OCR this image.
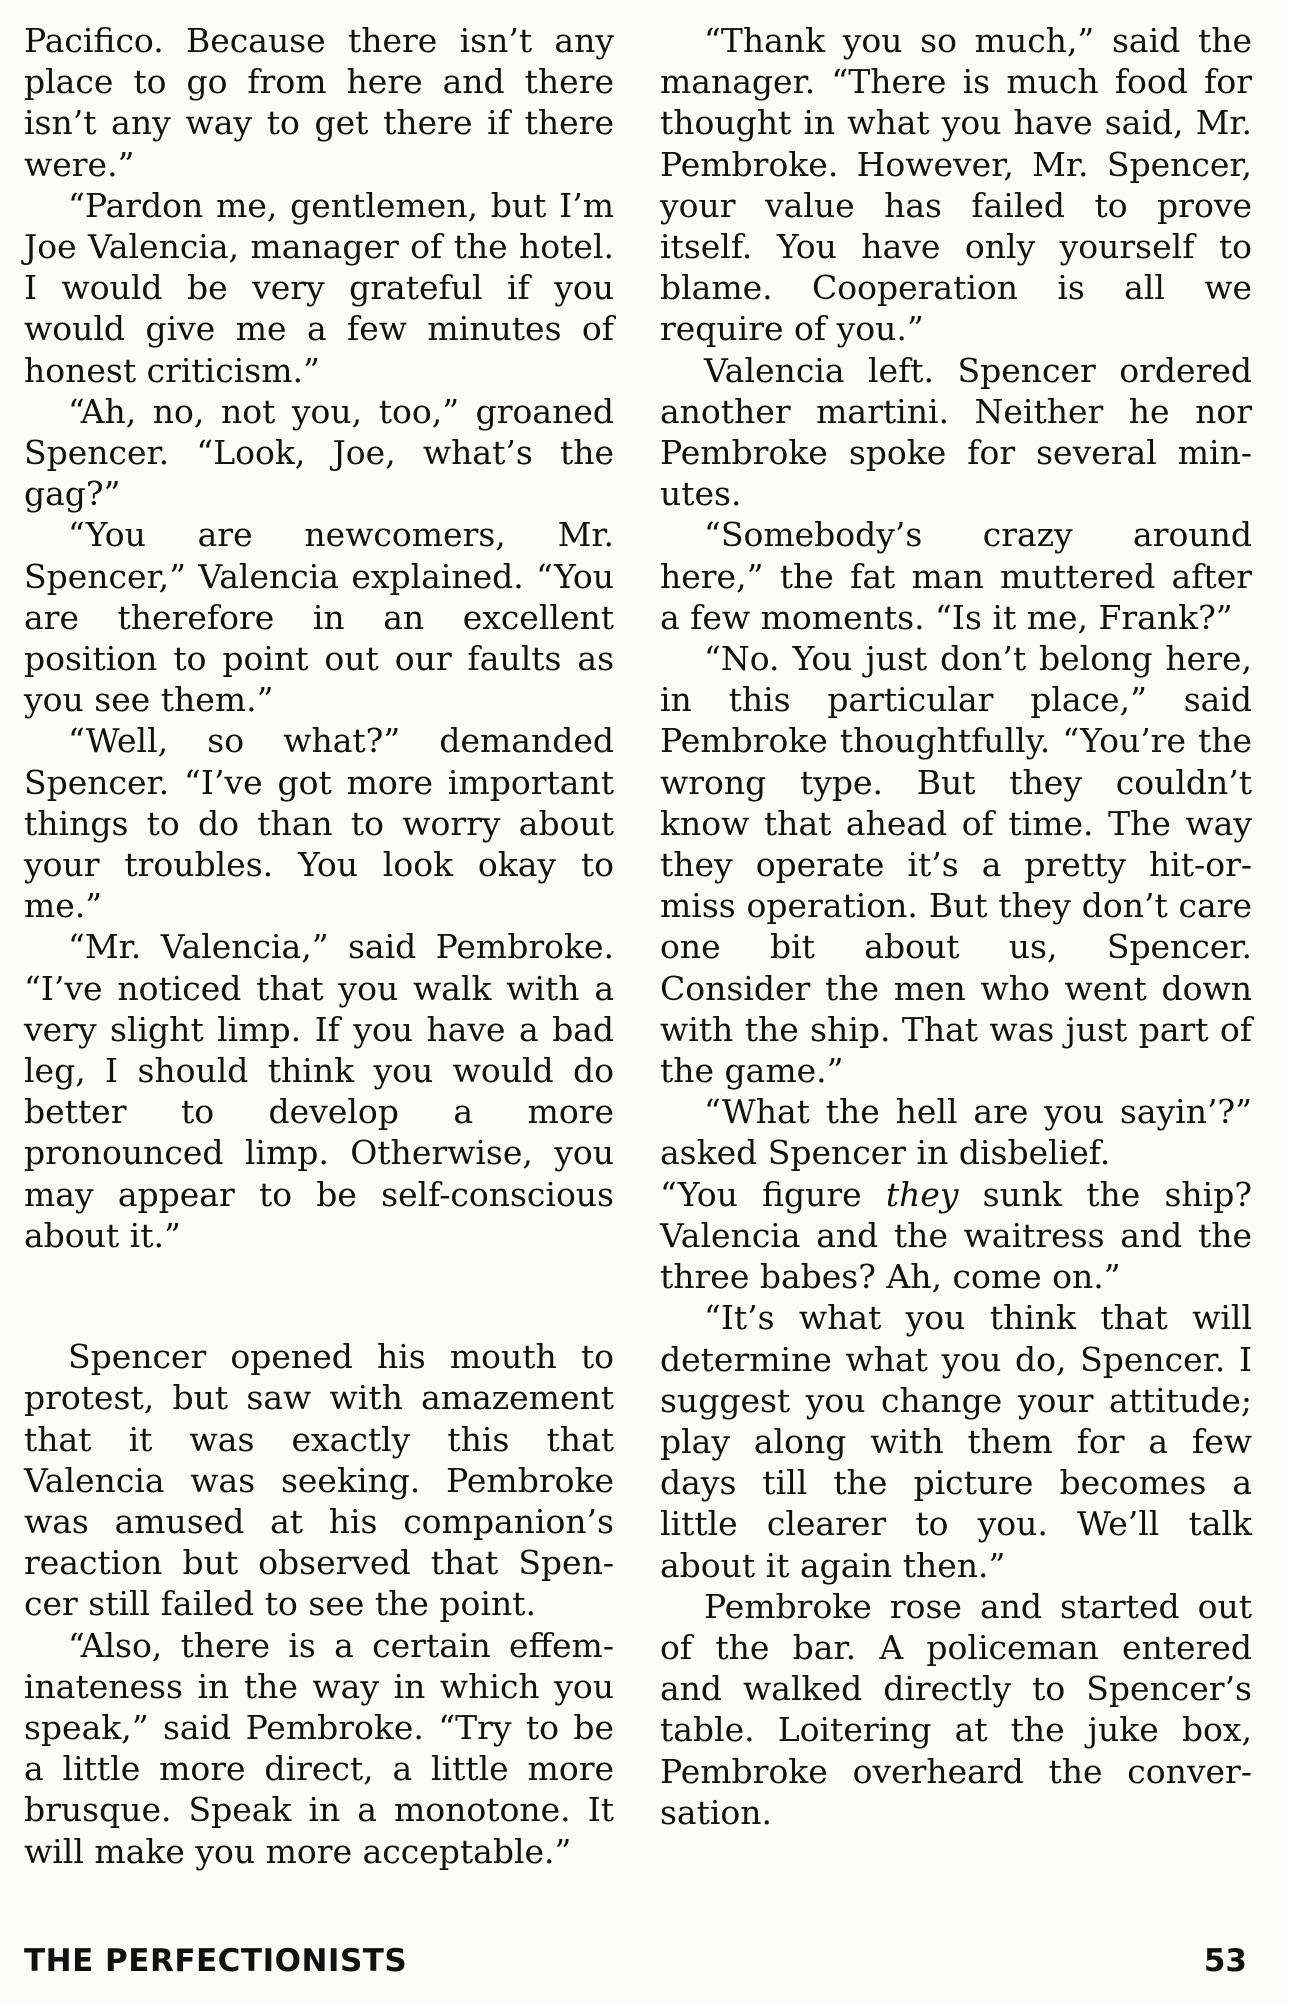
Pacifico. Because there isn’t any place to go from here and there isn’t any way to get there if there were.”

“Pardon me, gentlemen, but I’m Joe Valencia, manager of the hotel. I would be very grateful if you would give me a few minutes of honest criticism.”

“Ah, no, not you, too,” groaned Spencer. “Look, Joe, what’s the gag?”

“You are newcomers, Mr. Spencer,” Valencia explained. “You are therefore in an excellent position to point out our faults as you see them.”

“Well, so what?” demanded Spencer. “I’ve got more important things to do than to worry about your troubles. You look okay to me.”

“Mr. Valencia,” said Pembroke. “I’ve noticed that you walk with a very slight limp. If you have a bad leg, I should think you would do better to develop a more pronounced limp. Otherwise, you may appear to be self-conscious about it.”

Spencer opened his mouth to protest, but saw with amazement that it was exactly this that Valencia was seeking. Pembroke was amused at his companion’s reaction but observed that Spencer still failed to see the point.

“Also, there is a certain effeminateness in the way in which you speak,” said Pembroke. “Try to be a little more direct, a little more brusque. Speak in a monotone. It will make you more acceptable.”

“Thank you so much,” said the manager. “There is much food for thought in what you have said, Mr. Pembroke. However, Mr. Spencer, your value has failed to prove itself. You have only yourself to blame. Cooperation is all we require of you.”

Valencia left. Spencer ordered another martini. Neither he nor Pembroke spoke for several minutes.

“Somebody’s crazy around here,” the fat man muttered after a few moments. “Is it me, Frank?”

“No. You just don’t belong here, in this particular place,” said Pembroke thoughtfully. “You’re the wrong type. But they couldn’t know that ahead of time. The way they operate it’s a pretty hit-or-miss operation. But they don’t care one bit about us, Spencer. Consider the men who went down with the ship. That was just part of the game.”

“What the hell are you sayin’?” asked Spencer in disbelief.

“You figure they sunk the ship? Valencia and the waitress and the three babes? Ah, come on.”

“It’s what you think that will determine what you do, Spencer. I suggest you change your attitude; play along with them for a few days till the picture becomes a little clearer to you. We’ll talk about it again then.”

Pembroke rose and started out of the bar. A policeman entered and walked directly to Spencer’s table. Loitering at the juke box, Pembroke overheard the conversation.

THE PERFECTIONISTS	53
